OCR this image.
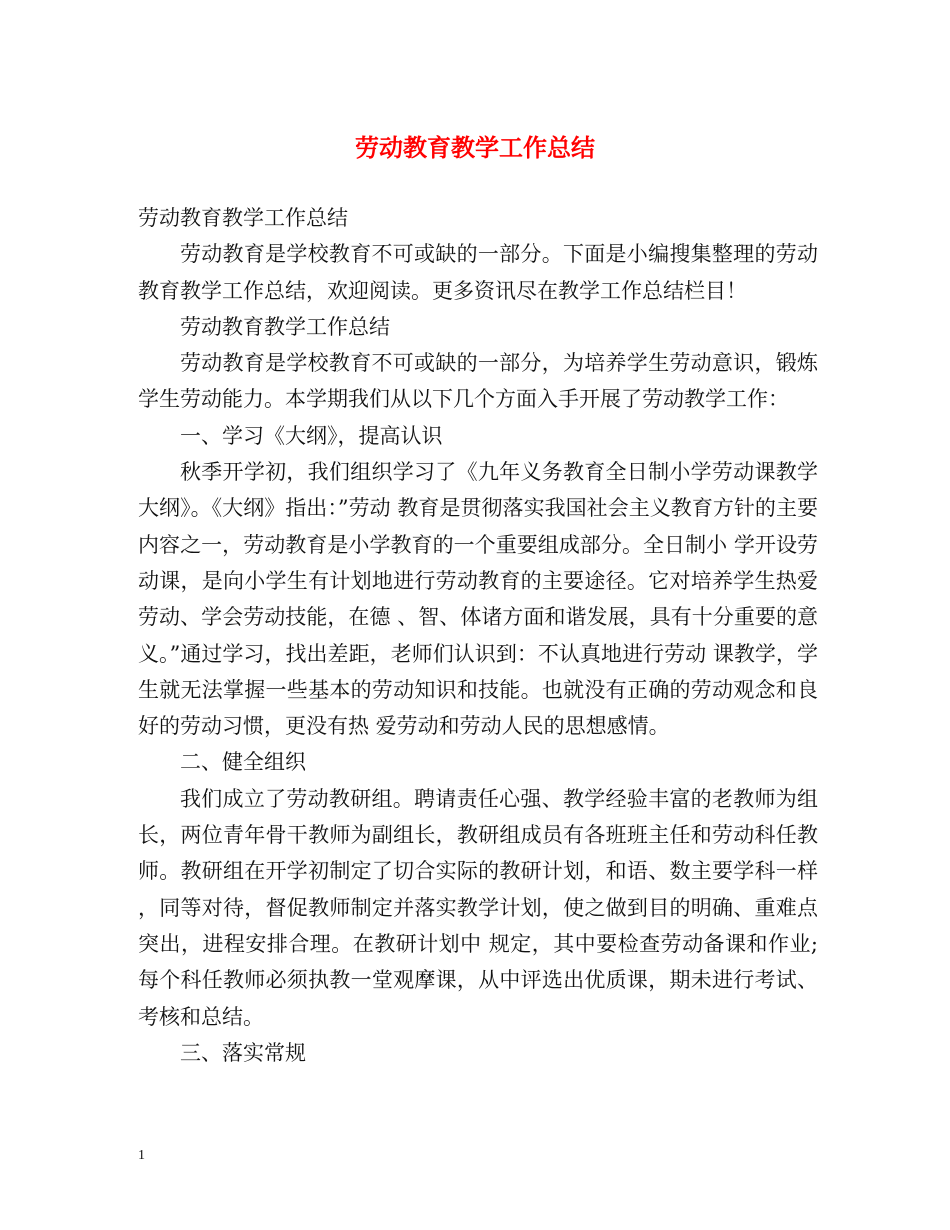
劳动教育教学工作总结

劳动教育教学工作总结

劳动教育是学校教育不可或缺的一部分。下面是小编搜集整理的劳动教育教学工作总结，欢迎阅读。更多资讯尽在教学工作总结栏目！

劳动教育教学工作总结

劳动教育是学校教育不可或缺的一部分，为培养学生劳动意识，锻炼学生劳动能力。本学期我们从以下几个方面入手开展了劳动教学工作：

一、学习《大纲》，提高认识

秋季开学初，我们组织学习了《九年义务教育全日制小学劳动课教学大纲》。《大纲》指出：”劳动 教育是贯彻落实我国社会主义教育方针的主要内容之一，劳动教育是小学教育的一个重要组成部分。全日制小 学开设劳动课，是向小学生有计划地进行劳动教育的主要途径。它对培养学生热爱劳动、学会劳动技能，在德 、智、体诸方面和谐发展，具有十分重要的意义。”通过学习，找出差距，老师们认识到：不认真地进行劳动 课教学，学生就无法掌握一些基本的劳动知识和技能。也就没有正确的劳动观念和良好的劳动习惯，更没有热 爱劳动和劳动人民的思想感情。

二、健全组织

我们成立了劳动教研组。聘请责任心强、教学经验丰富的老教师为组长，两位青年骨干教师为副组长，教研组成员有各班班主任和劳动科任教师。教研组在开学初制定了切合实际的教研计划，和语、数主要学科一样 ，同等对待，督促教师制定并落实教学计划，使之做到目的明确、重难点突出，进程安排合理。在教研计划中 规定，其中要检查劳动备课和作业;每个科任教师必须执教一堂观摩课，从中评选出优质课，期未进行考试、 考核和总结。

三、落实常规

1
